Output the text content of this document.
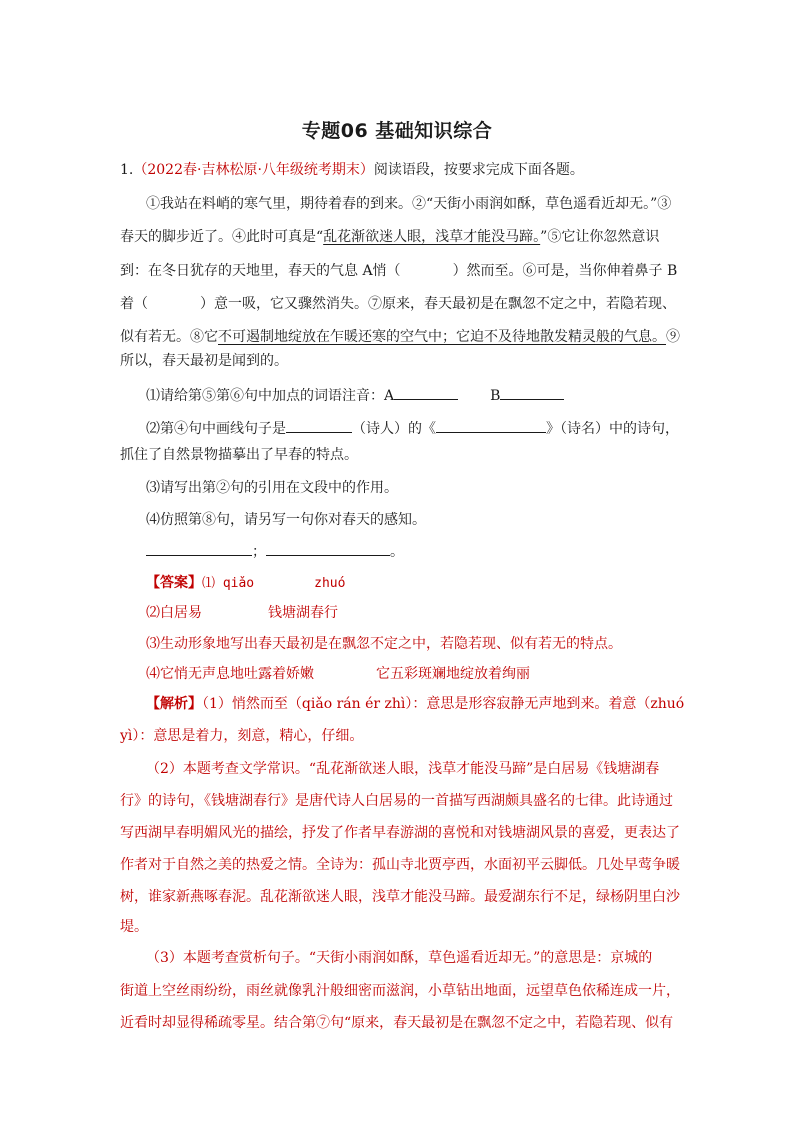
专题06 基础知识综合
1.（2022春·吉林松原·八年级统考期末）阅读语段，按要求完成下面各题。
①我站在料峭的寒气里，期待着春的到来。②“天街小雨润如酥，草色遥看近却无。”③
春天的脚步近了。④此时可真是“乱花渐欲迷人眼，浅草才能没马蹄。”⑤它让你忽然意识
到：在冬日犹存的天地里，春天的气息 A悄（	）然而至。⑥可是，当你伸着鼻子 B
着（	）意一吸，它又骤然消失。⑦原来，春天最初是在飘忽不定之中，若隐若现、
似有若无。⑧它不可遏制地绽放在乍暖还寒的空气中；它迫不及待地散发精灵般的气息。⑨
所以，春天最初是闻到的。
⑴请给第⑤第⑥句中加点的词语注音：A	B
⑵第④句中画线句子是	（诗人）的《	》（诗名）中的诗句，
抓住了自然景物描摹出了早春的特点。
⑶请写出第②句的引用在文段中的作用。
⑷仿照第⑧句，请另写一句你对春天的感知。
；	。
【答案】⑴ qiǎo	zhuó
⑵白居易	钱塘湖春行
⑶生动形象地写出春天最初是在飘忽不定之中，若隐若现、似有若无的特点。
⑷它悄无声息地吐露着娇嫩	它五彩斑斓地绽放着绚丽
【解析】（1）悄然而至（qiǎo rán ér zhì）：意思是形容寂静无声地到来。着意（zhuó
yì）：意思是着力，刻意，精心，仔细。
（2）本题考查文学常识。“乱花渐欲迷人眼，浅草才能没马蹄”是白居易《钱塘湖春
行》的诗句，《钱塘湖春行》是唐代诗人白居易的一首描写西湖颇具盛名的七律。此诗通过
写西湖早春明媚风光的描绘，抒发了作者早春游湖的喜悦和对钱塘湖风景的喜爱，更表达了
作者对于自然之美的热爱之情。全诗为：孤山寺北贾亭西，水面初平云脚低。几处早莺争暖
树，谁家新燕啄春泥。乱花渐欲迷人眼，浅草才能没马蹄。最爱湖东行不足，绿杨阴里白沙
堤。
（3）本题考查赏析句子。“天街小雨润如酥，草色遥看近却无。”的意思是：京城的
街道上空丝雨纷纷，雨丝就像乳汁般细密而滋润，小草钻出地面，远望草色依稀连成一片，
近看时却显得稀疏零星。结合第⑦句“原来，春天最初是在飘忽不定之中，若隐若现、似有
